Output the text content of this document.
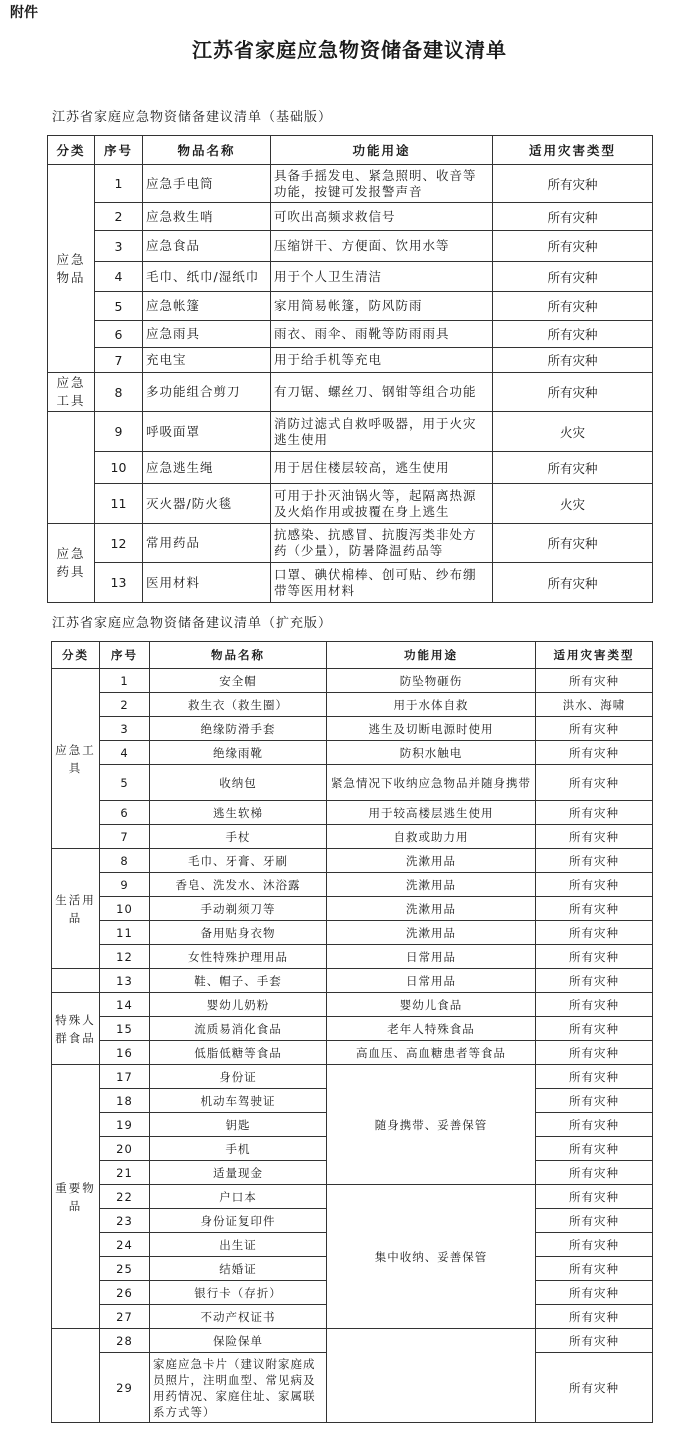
附件
江苏省家庭应急物资储备建议清单
江苏省家庭应急物资储备建议清单（基础版）
分类	序号	物品名称	功能用途	适用灾害类型
应急物品	1	应急手电筒	具备手摇发电、紧急照明、收音等功能，按键可发报警声音	所有灾种
	2	应急救生哨	可吹出高频求救信号	所有灾种
	3	应急食品	压缩饼干、方便面、饮用水等	所有灾种
	4	毛巾、纸巾/湿纸巾	用于个人卫生清洁	所有灾种
	5	应急帐篷	家用简易帐篷，防风防雨	所有灾种
	6	应急雨具	雨衣、雨伞、雨靴等防雨雨具	所有灾种
	7	充电宝	用于给手机等充电	所有灾种
应急工具	8	多功能组合剪刀	有刀锯、螺丝刀、钢钳等组合功能	所有灾种
	9	呼吸面罩	消防过滤式自救呼吸器，用于火灾逃生使用	火灾
	10	应急逃生绳	用于居住楼层较高，逃生使用	所有灾种
	11	灭火器/防火毯	可用于扑灭油锅火等，起隔离热源及火焰作用或披覆在身上逃生	火灾
应急药具	12	常用药品	抗感染、抗感冒、抗腹泻类非处方药（少量），防暑降温药品等	所有灾种
	13	医用材料	口罩、碘伏棉棒、创可贴、纱布绷带等医用材料	所有灾种
江苏省家庭应急物资储备建议清单（扩充版）
分类	序号	物品名称	功能用途	适用灾害类型
应急工具	1	安全帽	防坠物砸伤	所有灾种
	2	救生衣（救生圈）	用于水体自救	洪水、海啸
	3	绝缘防滑手套	逃生及切断电源时使用	所有灾种
	4	绝缘雨靴	防积水触电	所有灾种
	5	收纳包	紧急情况下收纳应急物品并随身携带	所有灾种
	6	逃生软梯	用于较高楼层逃生使用	所有灾种
	7	手杖	自救或助力用	所有灾种
生活用品	8	毛巾、牙膏、牙刷	洗漱用品	所有灾种
	9	香皂、洗发水、沐浴露	洗漱用品	所有灾种
	10	手动剃须刀等	洗漱用品	所有灾种
	11	备用贴身衣物	洗漱用品	所有灾种
	12	女性特殊护理用品	日常用品	所有灾种
	13	鞋、帽子、手套	日常用品	所有灾种
特殊人群食品	14	婴幼儿奶粉	婴幼儿食品	所有灾种
	15	流质易消化食品	老年人特殊食品	所有灾种
	16	低脂低糖等食品	高血压、高血糖患者等食品	所有灾种
重要物品	17	身份证	随身携带、妥善保管	所有灾种
	18	机动车驾驶证		所有灾种
	19	钥匙		所有灾种
	20	手机		所有灾种
	21	适量现金		所有灾种
	22	户口本	集中收纳、妥善保管	所有灾种
	23	身份证复印件		所有灾种
	24	出生证		所有灾种
	25	结婚证		所有灾种
	26	银行卡（存折）		所有灾种
	27	不动产权证书		所有灾种
	28	保险保单		所有灾种
	29	家庭应急卡片（建议附家庭成员照片，注明血型、常见病及用药情况、家庭住址、家属联系方式等）		所有灾种
